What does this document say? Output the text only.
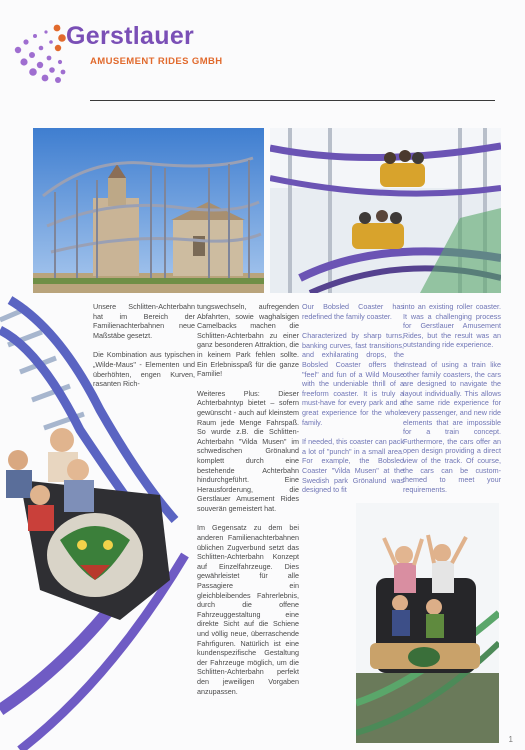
Gerstlauer
AMUSEMENT RIDES GMBH

Unsere Schlitten-Achterbahn hat im Bereich der Familienachterbahnen neue Maßstäbe gesetzt.

Die Kombination aus typischen „Wilde-Maus" - Elementen und überhöhten, engen Kurven, rasanten Rich-

tungswechseln, aufregenden Abfahrten, sowie waghalsigen Camelbacks machen die Schlitten-Achterbahn zu einer ganz besonderen Attraktion, die in keinem Park fehlen sollte. Ein Erlebnisspaß für die ganze Familie!

Weiteres Plus: Dieser Achterbahntyp bietet – sofern gewünscht - auch auf kleinstem Raum jede Menge Fahrspaß. So wurde z.B. die Schlitten-Achterbahn "Vilda Musen" im schwedischen Grönalund komplett durch eine bestehende Achterbahn hindurchgeführt. Eine Herausforderung, die Gerstlauer Amusement Rides souverän gemeistert hat.

Im Gegensatz zu dem bei anderen Familienachterbahnen üblichen Zugverbund setzt das Schlitten-Achterbahn Konzept auf Einzelfahrzeuge. Dies gewährleistet für alle Passagiere ein gleichbleibendes Fahrerlebnis, durch die offene Fahrzeuggestaltung eine direkte Sicht auf die Schiene und völlig neue, überraschende Fahrfiguren. Natürlich ist eine kundenspezifische Gestaltung der Fahrzeuge möglich, um die Schlitten-Achterbahn perfekt den jeweiligen Vorgaben anzupassen.

Our Bobsled Coaster has redefined the family coaster.

Characterized by sharp turns, banking curves, fast transitions, and exhilarating drops, the Bobsled Coaster offers the "feel" and fun of a Wild Mouse with the undeniable thrill of a freeform coaster. It is truly a must-have for every park and a great experience for the whole family.

If needed, this coaster can pack a lot of "punch" in a small area. For example, the Bobsled Coaster "Vilda Musen" at the Swedish park Grönalund was designed to fit

into an existing roller coaster. It was a challenging process for Gerstlauer Amusement Rides, but the result was an outstanding ride experience.

Instead of using a train like other family coasters, the cars are designed to navigate the layout individually. This allows the same ride experience for every passenger, and new ride elements that are impossible for a train concept. Furthermore, the cars offer an open design providing a direct view of the track. Of course, the cars can be custom-themed to meet your requirements.

1
